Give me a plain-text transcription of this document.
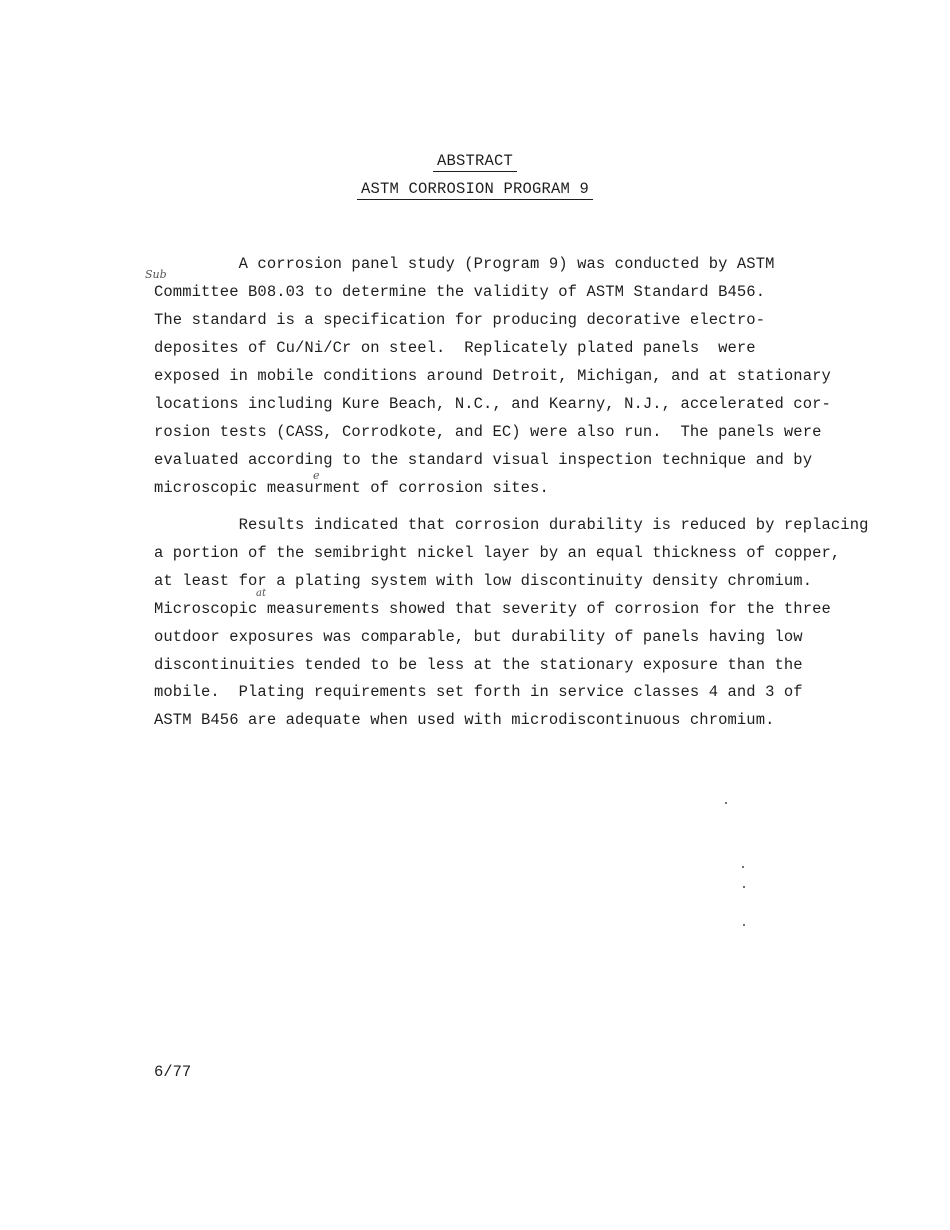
ABSTRACT
ASTM CORROSION PROGRAM 9
A corrosion panel study (Program 9) was conducted by ASTM
Committee B08.03 to determine the validity of ASTM Standard B456.
The standard is a specification for producing decorative electro-
deposites of Cu/Ni/Cr on steel.  Replicately plated panels  were
exposed in mobile conditions around Detroit, Michigan, and at stationary
locations including Kure Beach, N.C., and Kearny, N.J., accelerated cor-
rosion tests (CASS, Corrodkote, and EC) were also run.  The panels were
evaluated according to the standard visual inspection technique and by
microscopic measurment of corrosion sites.
Results indicated that corrosion durability is reduced by replacing
a portion of the semibright nickel layer by an equal thickness of copper,
at least for a plating system with low discontinuity density chromium.
Microscopic measurements showed that severity of corrosion for the three
outdoor exposures was comparable, but durability of panels having low
discontinuities tended to be less at the stationary exposure than the
mobile.  Plating requirements set forth in service classes 4 and 3 of
ASTM B456 are adequate when used with microdiscontinuous chromium.
Sub
e
at
6/77
